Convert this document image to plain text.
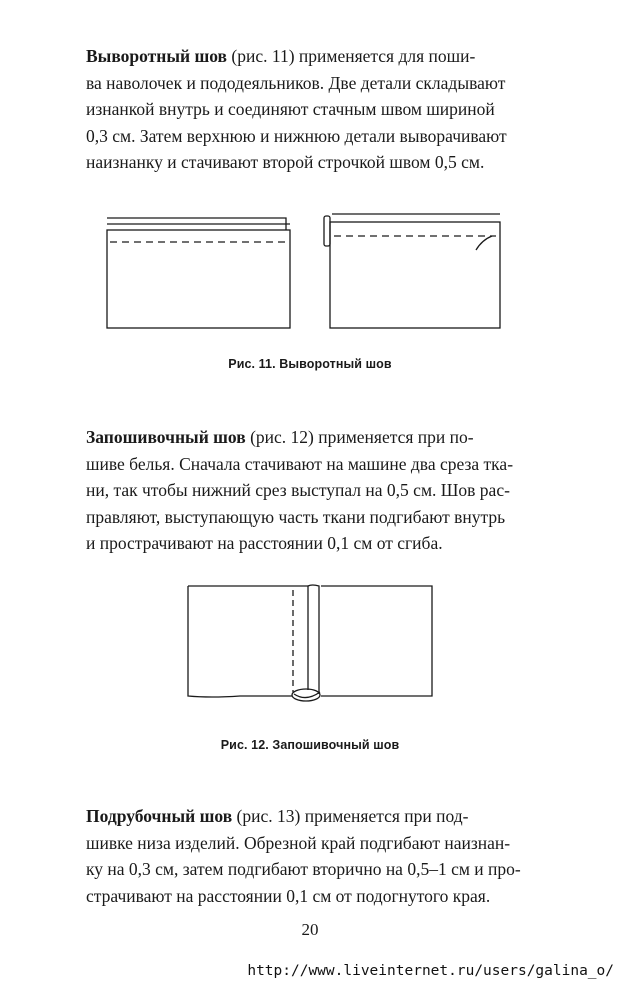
Выворотный шов (рис. 11) применяется для поши-
ва наволочек и пододеяльников. Две детали складывают
изнанкой внутрь и соединяют стачным швом шириной
0,3 см. Затем верхнюю и нижнюю детали выворачивают
наизнанку и стачивают второй строчкой швом 0,5 см.
Рис. 11. Выворотный шов
Запошивочный шов (рис. 12) применяется при по-
шиве белья. Сначала стачивают на машине два среза тка-
ни, так чтобы нижний срез выступал на 0,5 см. Шов рас-
правляют, выступающую часть ткани подгибают внутрь
и прострачивают на расстоянии 0,1 см от сгиба.
Рис. 12. Запошивочный шов
Подрубочный шов (рис. 13) применяется при под-
шивке низа изделий. Обрезной край подгибают наизнан-
ку на 0,3 см, затем подгибают вторично на 0,5–1 см и про-
страчивают на расстоянии 0,1 см от подогнутого края.
20
http://www.liveinternet.ru/users/galina_o/
